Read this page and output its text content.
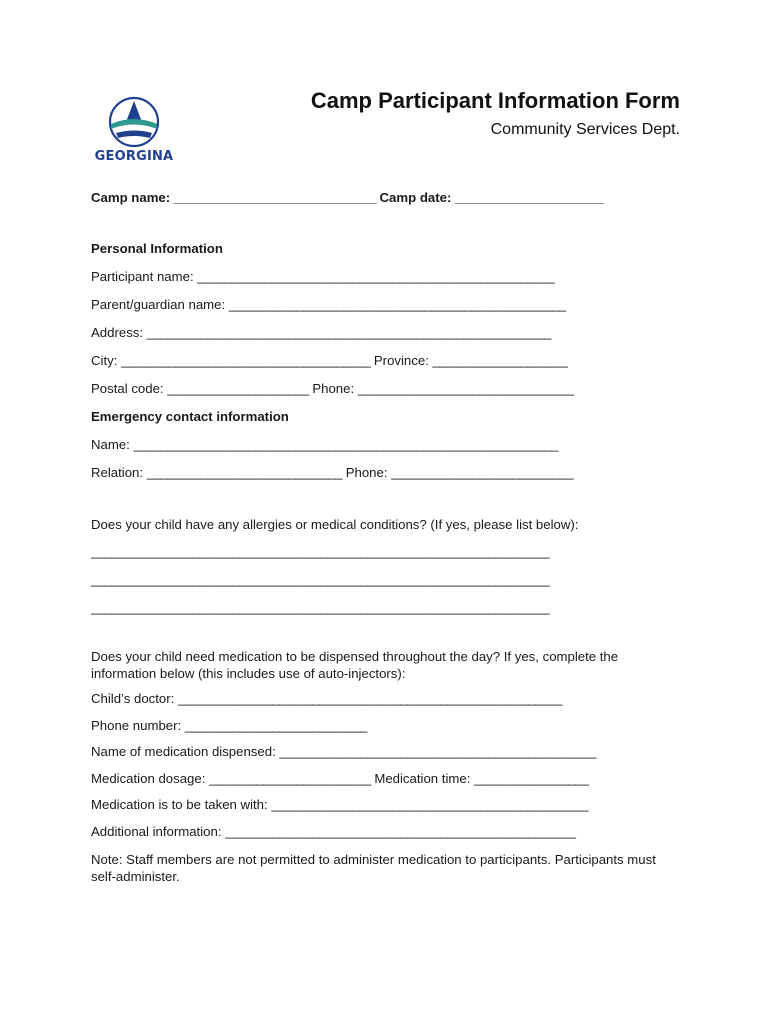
GEORGINA
Camp Participant Information Form
Community Services Dept.
Camp name: ______________________________ Camp date: ______________________
Personal Information
Participant name: _____________________________________________________
Parent/guardian name: __________________________________________________
Address: ____________________________________________________________
City: _____________________________________ Province: ____________________
Postal code: _____________________ Phone: ________________________________
Emergency contact information
Name: _______________________________________________________________
Relation: _____________________________ Phone: ___________________________
Does your child have any allergies or medical conditions? (If yes, please list below):
____________________________________________________________________
____________________________________________________________________
____________________________________________________________________
Does your child need medication to be dispensed throughout the day? If yes, complete the information below (this includes use of auto-injectors):
Child’s doctor: _________________________________________________________
Phone number: ___________________________
Name of medication dispensed: _______________________________________________
Medication dosage: ________________________ Medication time: _________________
Medication is to be taken with: _______________________________________________
Additional information: ____________________________________________________
Note: Staff members are not permitted to administer medication to participants. Participants must self-administer.
